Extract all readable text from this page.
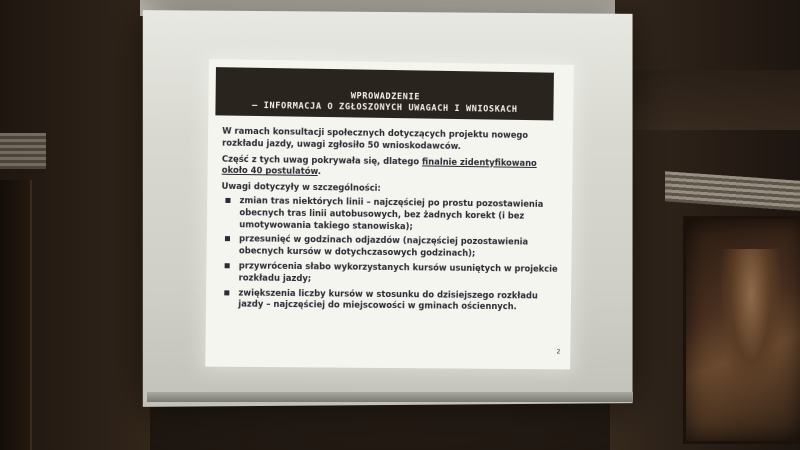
WPROWADZENIE
– INFORMACJA O ZGŁOSZONYCH UWAGACH I WNIOSKACH

W ramach konsultacji społecznych dotyczących projektu nowego rozkładu jazdy, uwagi zgłosiło 50 wnioskodawców.

Część z tych uwag pokrywała się, dlatego finalnie zidentyfikowano około 40 postulatów.

Uwagi dotyczyły w szczególności:

zmian tras niektórych linii – najczęściej po prostu pozostawienia obecnych tras linii autobusowych, bez żadnych korekt (i bez umotywowania takiego stanowiska);
przesunięć w godzinach odjazdów (najczęściej pozostawienia obecnych kursów w dotychczasowych godzinach);
przywrócenia słabo wykorzystanych kursów usuniętych w projekcie rozkładu jazdy;
zwiększenia liczby kursów w stosunku do dzisiejszego rozkładu jazdy – najczęściej do miejscowości w gminach ościennych.
2
